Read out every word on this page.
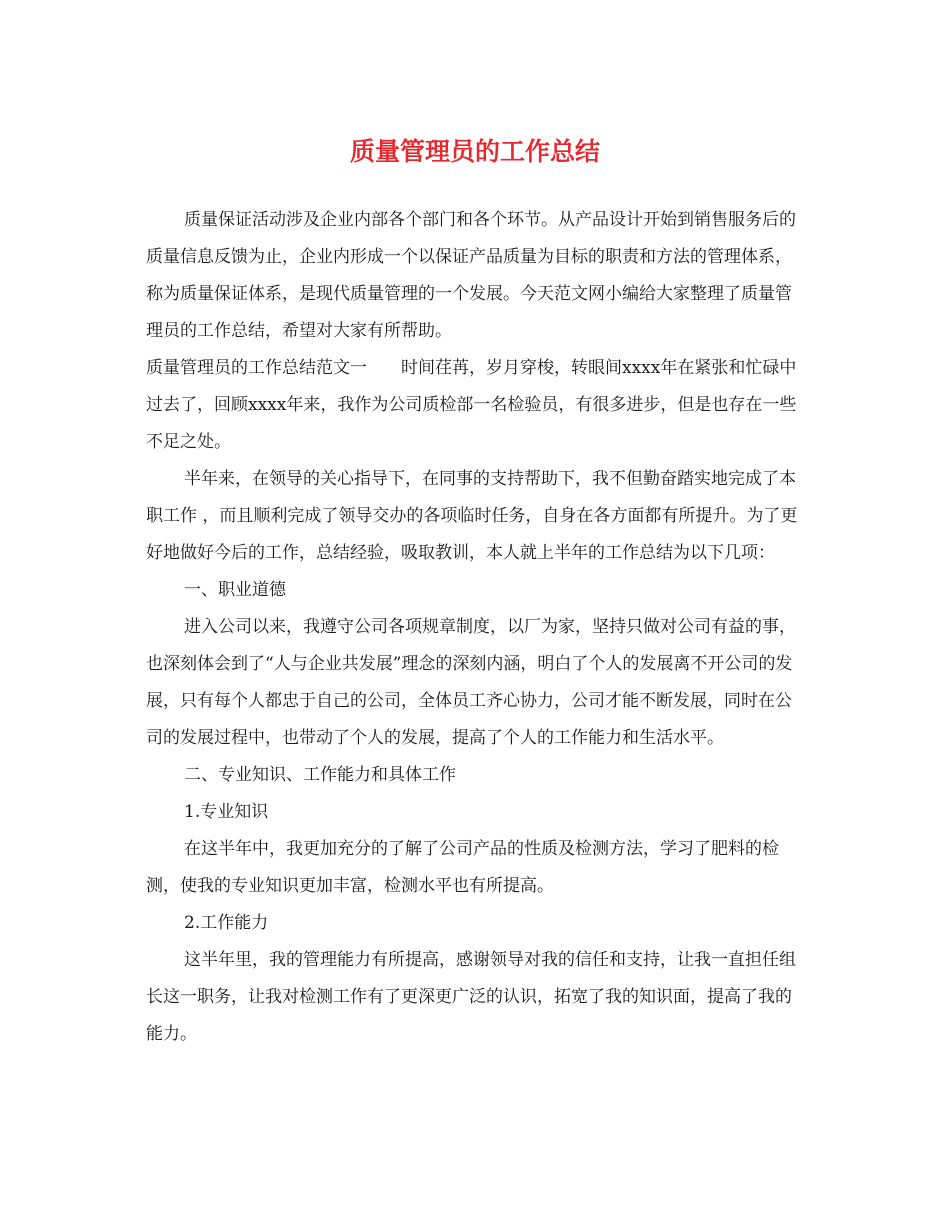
质量管理员的工作总结

质量保证活动涉及企业内部各个部门和各个环节。从产品设计开始到销售服务后的质量信息反馈为止，企业内形成一个以保证产品质量为目标的职责和方法的管理体系，称为质量保证体系，是现代质量管理的一个发展。今天范文网小编给大家整理了质量管理员的工作总结，希望对大家有所帮助。

质量管理员的工作总结范文一　　时间荏苒，岁月穿梭，转眼间xxxx年在紧张和忙碌中过去了，回顾xxxx年来，我作为公司质检部一名检验员，有很多进步，但是也存在一些不足之处。

半年来，在领导的关心指导下，在同事的支持帮助下，我不但勤奋踏实地完成了本职工作 ，而且顺利完成了领导交办的各项临时任务，自身在各方面都有所提升。为了更好地做好今后的工作，总结经验，吸取教训，本人就上半年的工作总结为以下几项：

一、职业道德

进入公司以来，我遵守公司各项规章制度，以厂为家，坚持只做对公司有益的事，也深刻体会到了“人与企业共发展”理念的深刻内涵，明白了个人的发展离不开公司的发展，只有每个人都忠于自己的公司，全体员工齐心协力，公司才能不断发展，同时在公司的发展过程中，也带动了个人的发展，提高了个人的工作能力和生活水平。

二、专业知识、工作能力和具体工作

1.专业知识

在这半年中，我更加充分的了解了公司产品的性质及检测方法，学习了肥料的检测，使我的专业知识更加丰富，检测水平也有所提高。

2.工作能力

这半年里，我的管理能力有所提高，感谢领导对我的信任和支持，让我一直担任组长这一职务，让我对检测工作有了更深更广泛的认识，拓宽了我的知识面，提高了我的能力。
